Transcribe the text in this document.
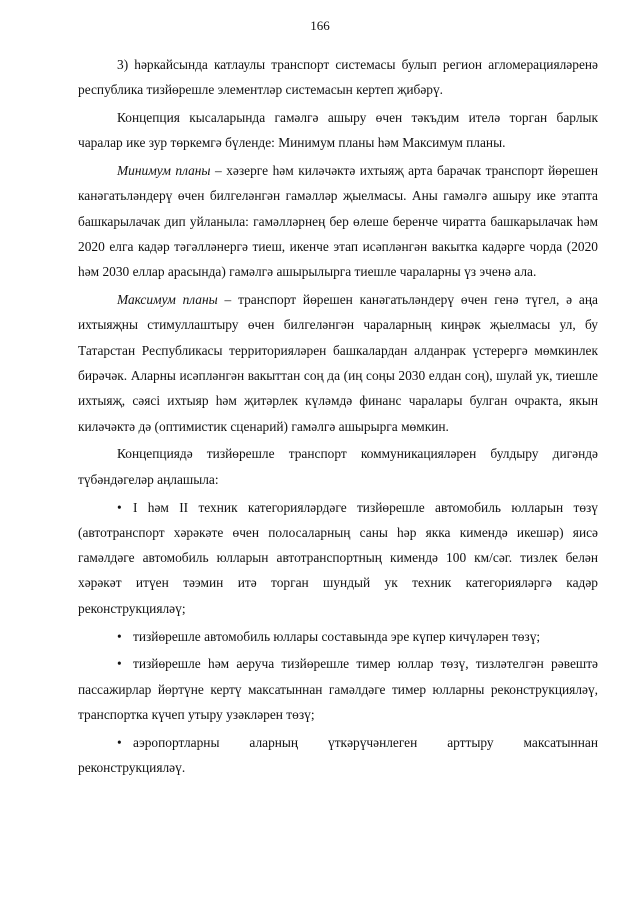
166

3) һәркайсында катлаулы транспорт системасы булып регион агломерацияләренә республика тизйөрешле элементләр системасын кертеп җибәрү.

Концепция кысаларында гамәлгә ашыру өчен тәкъдим ителә торган барлык чаралар ике зур төркемгә бүленде: Минимум планы һәм Максимум планы.

Минимум планы – хәзерге һәм киләчәктә ихтыяҗ арта барачак транспорт йөрешен канәгатьләндерү өчен билгеләнгән гамәлләр җыелмасы. Аны гамәлгә ашыру ике этапта башкарылачак дип уйланыла: гамәлләрнең бер өлеше беренче чиратта башкарылачак һәм 2020 елга кадәр тәгәлләнергә тиеш, икенче этап исәпләнгән вакытка кадәрге чорда (2020 һәм 2030 еллар арасында) гамәлгә ашырылырга тиешле чараларны үз эченә ала.

Максимум планы – транспорт йөрешен канәгатьләндерү өчен генә түгел, ә аңа ихтыяҗны стимуллаштыру өчен билгеләнгән чараларның киңрәк җыелмасы ул, бу Татарстан Республикасы территорияләрен башкалардан алданрак үстерергә мөмкинлек бирәчәк. Аларны исәпләнгән вакыттан соң да (иң соңы 2030 елдан соң), шулай ук, тиешле ихтыяҗ, сәясі ихтыяр һәм җитәрлек күләмдә финанс чаралары булган очракта, якын киләчәктә дә (оптимистик сценарий) гамәлгә ашырырга мөмкин.

Концепциядә тизйөрешле транспорт коммуникацияләрен булдыру дигәндә түбәндәгеләр аңлашыла:

• I һәм II техник категорияләрдәге тизйөрешле автомобиль юлларын төзү (автотранспорт хәрәкәте өчен полосаларның саны һәр якка кимендә икешәр) яисә гамәлдәге автомобиль юлларын автотранспортның кимендә 100 км/сәг. тизлек белән хәрәкәт итүен тәэмин итә торган шундый ук техник категорияләргә кадәр реконструкцияләү;
• тизйөрешле автомобиль юллары составында эре күпер кичүләрен төзү;
• тизйөрешле һәм аеруча тизйөрешле тимер юллар төзү, тизләтелгән рәвештә пассажирлар йөртүне кертү максатыннан гамәлдәге тимер юлларны реконструкцияләү, транспортка күчеп утыру узәкләрен төзү;
• аэропортларны аларның үткәрүчәнлеген арттыру максатыннан реконструкцияләү.
